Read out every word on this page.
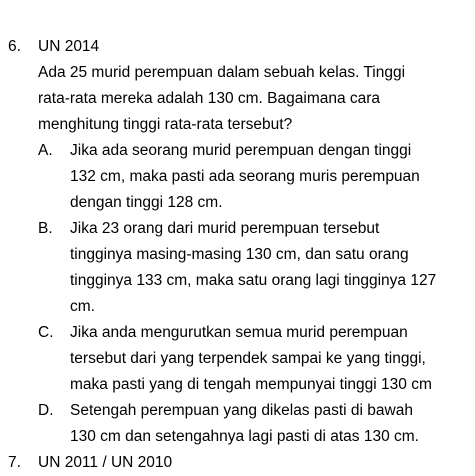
6. UN 2014
Ada 25 murid perempuan dalam sebuah kelas. Tinggi
rata-rata mereka adalah 130 cm. Bagaimana cara
menghitung tinggi rata-rata tersebut?
A. Jika ada seorang murid perempuan dengan tinggi
132 cm, maka pasti ada seorang muris perempuan
dengan tinggi 128 cm.
B. Jika 23 orang dari murid perempuan tersebut
tingginya masing-masing 130 cm, dan satu orang
tingginya 133 cm, maka satu orang lagi tingginya 127
cm.
C. Jika anda mengurutkan semua murid perempuan
tersebut dari yang terpendek sampai ke yang tinggi,
maka pasti yang di tengah mempunyai tinggi 130 cm
D. Setengah perempuan yang dikelas pasti di bawah
130 cm dan setengahnya lagi pasti di atas 130 cm.
7. UN 2011 / UN 2010
